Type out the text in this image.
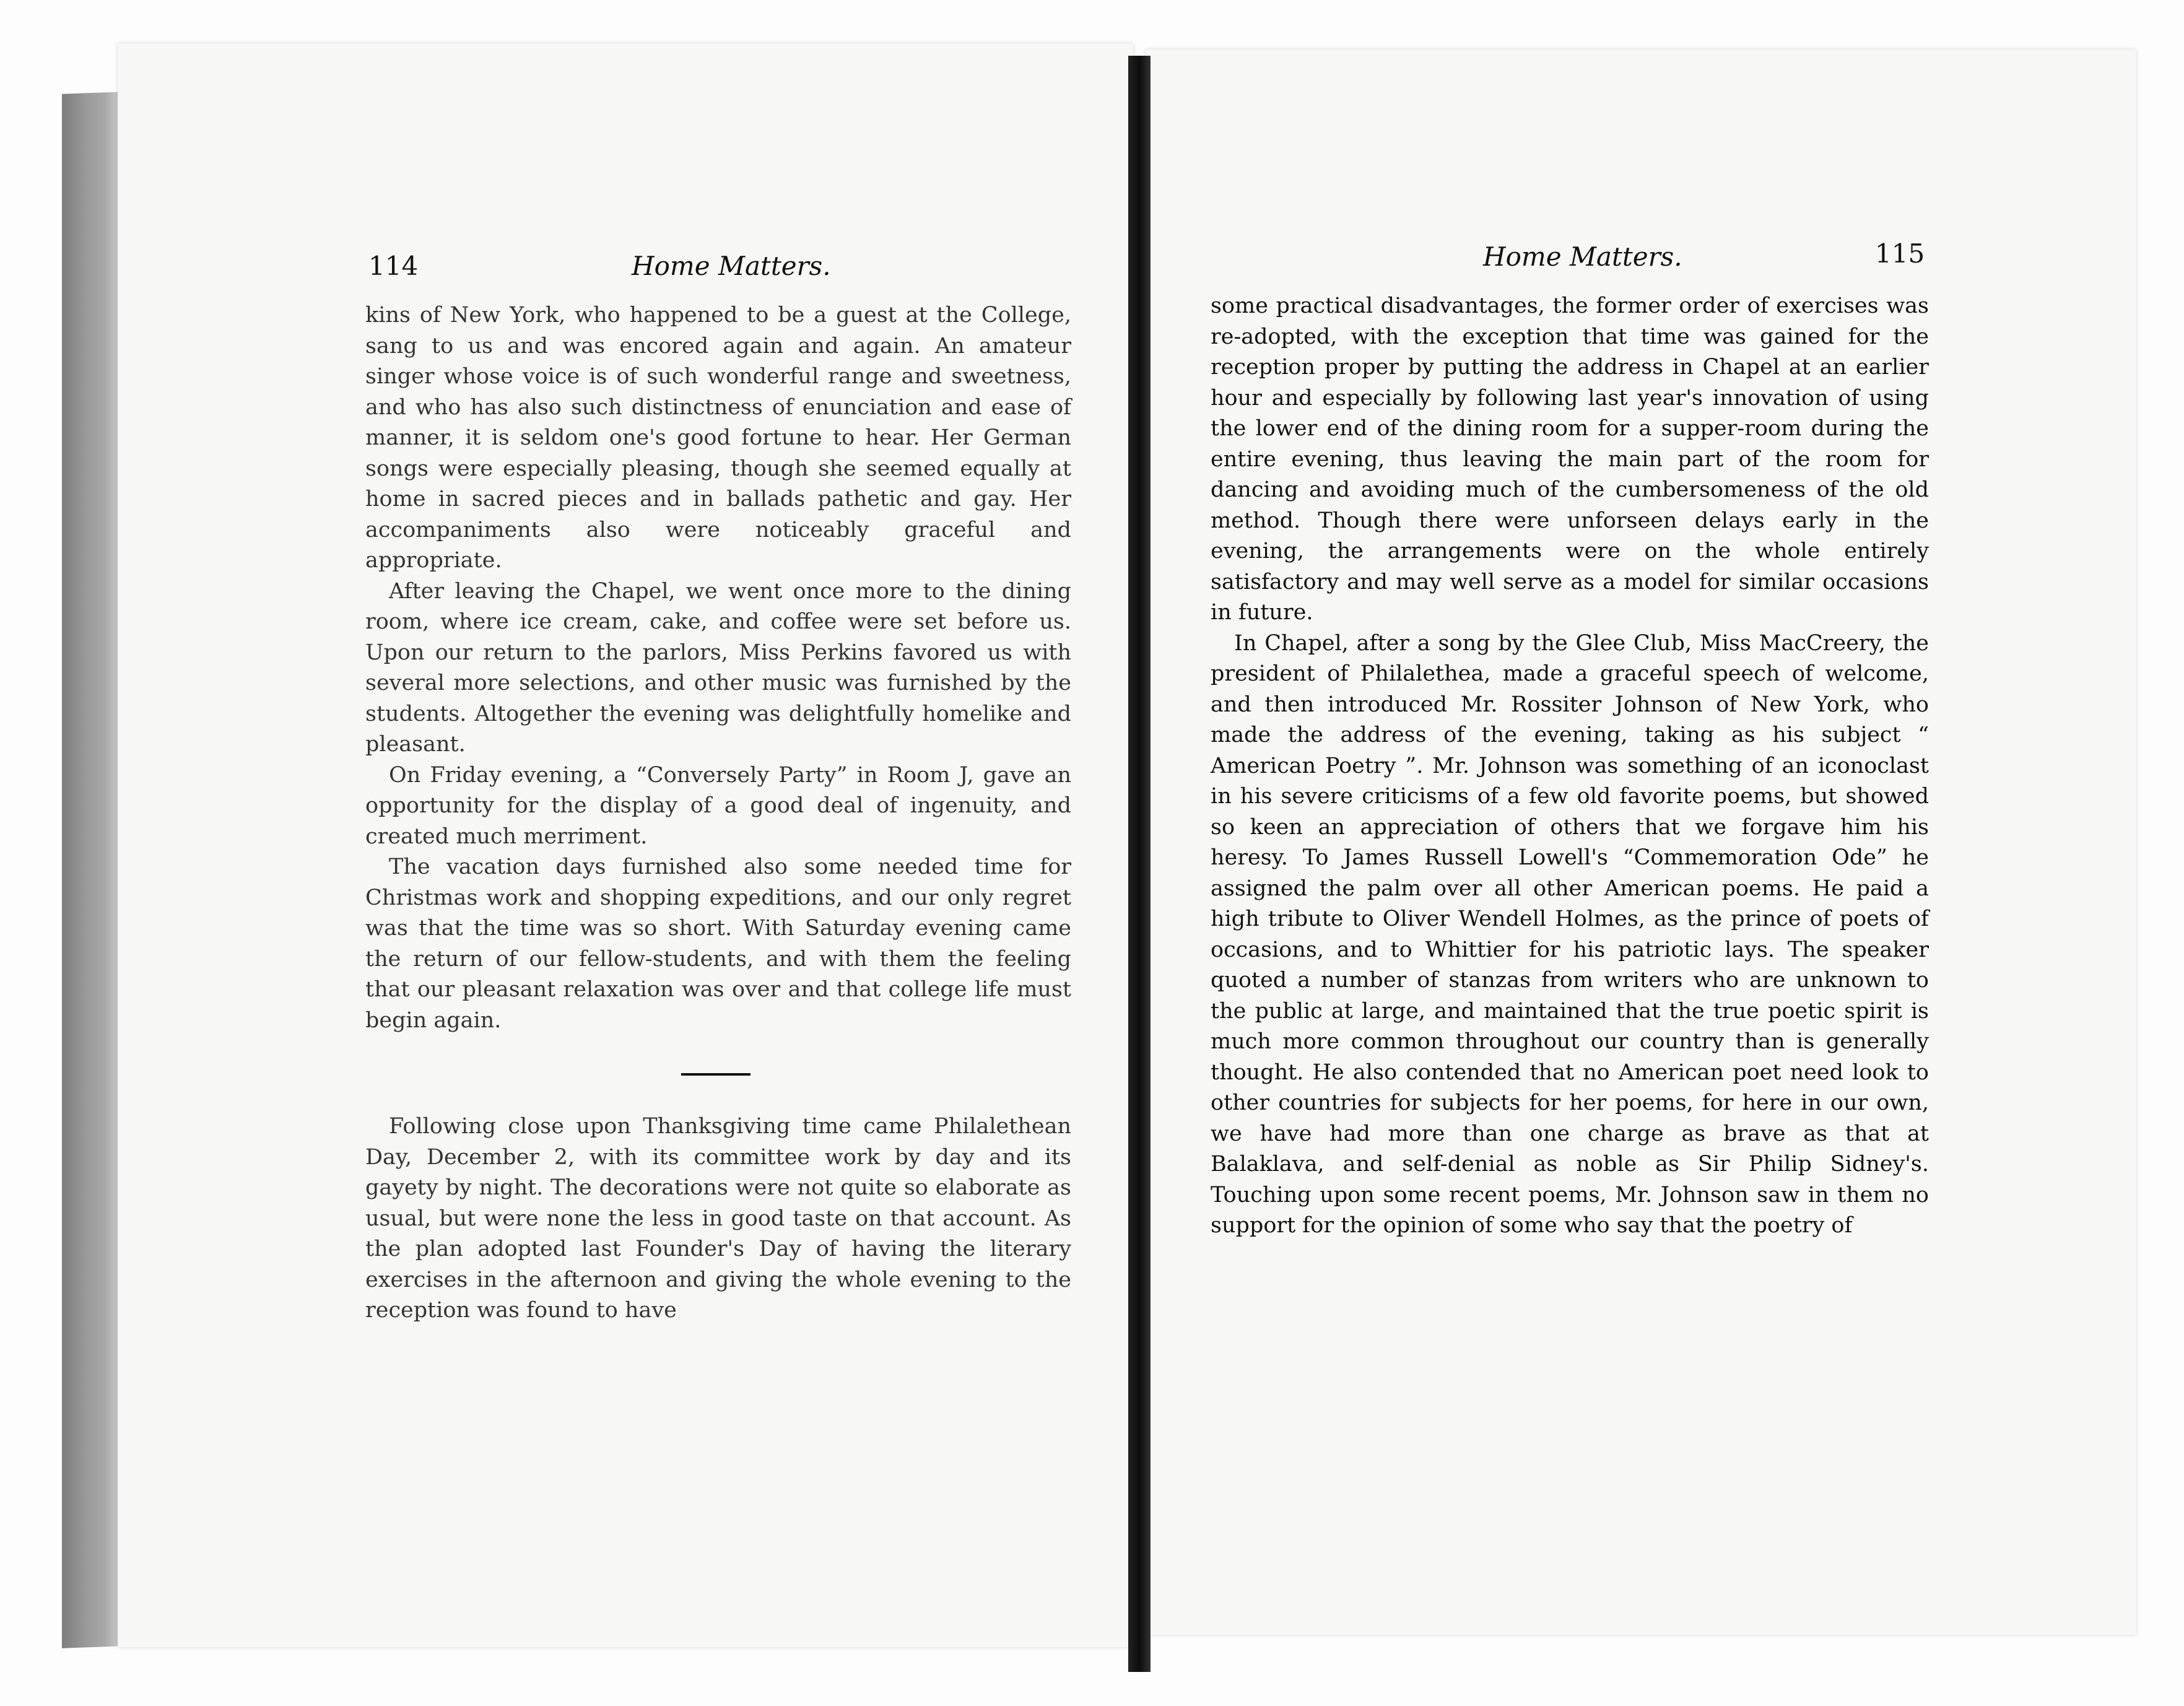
114	Home Matters.	Home Matters.	115

kins of New York, who happened to be a guest at the College, sang to us and was encored again and again. An amateur singer whose voice is of such wonderful range and sweetness, and who has also such distinctness of enunciation and ease of manner, it is seldom one's good fortune to hear. Her German songs were especially pleasing, though she seemed equally at home in sacred pieces and in ballads pathetic and gay. Her accompaniments also were noticeably graceful and appropriate.

After leaving the Chapel, we went once more to the dining room, where ice cream, cake, and coffee were set before us. Upon our return to the parlors, Miss Perkins favored us with several more selections, and other music was furnished by the students. Altogether the evening was delightfully homelike and pleasant.

On Friday evening, a “Conversely Party” in Room J, gave an opportunity for the display of a good deal of ingenuity, and created much merriment.

The vacation days furnished also some needed time for Christmas work and shopping expeditions, and our only regret was that the time was so short. With Saturday evening came the return of our fellow-students, and with them the feeling that our pleasant relaxation was over and that college life must begin again.

Following close upon Thanksgiving time came Philalethean Day, December 2, with its committee work by day and its gayety by night. The decorations were not quite so elaborate as usual, but were none the less in good taste on that account. As the plan adopted last Founder's Day of having the literary exercises in the afternoon and giving the whole evening to the reception was found to have

some practical disadvantages, the former order of exercises was re-adopted, with the exception that time was gained for the reception proper by putting the address in Chapel at an earlier hour and especially by following last year's innovation of using the lower end of the dining room for a supper-room during the entire evening, thus leaving the main part of the room for dancing and avoiding much of the cumbersomeness of the old method. Though there were unforseen delays early in the evening, the arrangements were on the whole entirely satisfactory and may well serve as a model for similar occasions in future.

In Chapel, after a song by the Glee Club, Miss MacCreery, the president of Philalethea, made a graceful speech of welcome, and then introduced Mr. Rossiter Johnson of New York, who made the address of the evening, taking as his subject “ American Poetry ”. Mr. Johnson was something of an iconoclast in his severe criticisms of a few old favorite poems, but showed so keen an appreciation of others that we forgave him his heresy. To James Russell Lowell's “Commemoration Ode” he assigned the palm over all other American poems. He paid a high tribute to Oliver Wendell Holmes, as the prince of poets of occasions, and to Whittier for his patriotic lays. The speaker quoted a number of stanzas from writers who are unknown to the public at large, and maintained that the true poetic spirit is much more common throughout our country than is generally thought. He also contended that no American poet need look to other countries for subjects for her poems, for here in our own, we have had more than one charge as brave as that at Balaklava, and self-denial as noble as Sir Philip Sidney's. Touching upon some recent poems, Mr. Johnson saw in them no support for the opinion of some who say that the poetry of
